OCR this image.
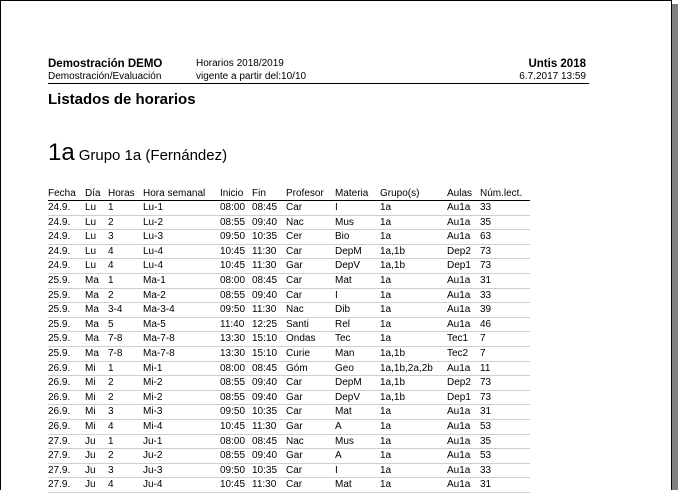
Demostración DEMO
Demostración/Evaluación
Horarios 2018/2019
vigente a partir del:10/10
Untis 2018
6.7.2017 13:59
Listados de horarios
1a Grupo 1a (Fernández)
Fecha	Día	Horas	Hora semanal	Inicio	Fin	Profesor	Materia	Grupo(s)	Aulas	Núm.lect.
24.9.	Lu	1	Lu-1	08:00	08:45	Car	I	1a	Au1a	33
24.9.	Lu	2	Lu-2	08:55	09:40	Nac	Mus	1a	Au1a	35
24.9.	Lu	3	Lu-3	09:50	10:35	Cer	Bio	1a	Au1a	63
24.9.	Lu	4	Lu-4	10:45	11:30	Car	DepM	1a,1b	Dep2	73
24.9.	Lu	4	Lu-4	10:45	11:30	Gar	DepV	1a,1b	Dep1	73
25.9.	Ma	1	Ma-1	08:00	08:45	Car	Mat	1a	Au1a	31
25.9.	Ma	2	Ma-2	08:55	09:40	Car	I	1a	Au1a	33
25.9.	Ma	3-4	Ma-3-4	09:50	11:30	Nac	Dib	1a	Au1a	39
25.9.	Ma	5	Ma-5	11:40	12:25	Santi	Rel	1a	Au1a	46
25.9.	Ma	7-8	Ma-7-8	13:30	15:10	Ondas	Tec	1a	Tec1	7
25.9.	Ma	7-8	Ma-7-8	13:30	15:10	Curie	Man	1a,1b	Tec2	7
26.9.	Mi	1	Mi-1	08:00	08:45	Góm	Geo	1a,1b,2a,2b	Au1a	11
26.9.	Mi	2	Mi-2	08:55	09:40	Car	DepM	1a,1b	Dep2	73
26.9.	Mi	2	Mi-2	08:55	09:40	Gar	DepV	1a,1b	Dep1	73
26.9.	Mi	3	Mi-3	09:50	10:35	Car	Mat	1a	Au1a	31
26.9.	Mi	4	Mi-4	10:45	11:30	Gar	A	1a	Au1a	53
27.9.	Ju	1	Ju-1	08:00	08:45	Nac	Mus	1a	Au1a	35
27.9.	Ju	2	Ju-2	08:55	09:40	Gar	A	1a	Au1a	53
27.9.	Ju	3	Ju-3	09:50	10:35	Car	I	1a	Au1a	33
27.9.	Ju	4	Ju-4	10:45	11:30	Car	Mat	1a	Au1a	31
